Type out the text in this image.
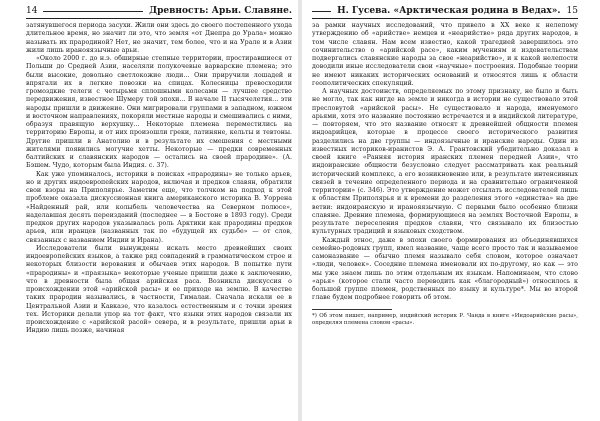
14	Древность: Арьи. Славяне.

затянувшегося периода засухи. Жили они здесь до своего постепенного ухода длительное время, но значит ли это, что земля «от Днепра до Урала» можно называть их прародиной? Нет, не значит, тем более, что и на Урале и в Азии жили лишь иранояязычные арьи.

«Около 2000 г. до н.э. обширные степные территории, простиравшиеся от Польши до Средней Азии, населяли полукочевые варварские племена; это были высокие, довольно светлокожие люди... Они приручили лошадей и впрягали их в легкие повозки на спицах. Колесницы превосходили громоздкие телеги с четырьмя сплошными колесами — лучшее средство передвижения, известное Шумеру той эпохи... В начале II тысячелетия... эти народы пришли в движение. Они мигрировали группами в западном, южном и восточном направлениях, покоряли местные народы и смешивались с ними, образуя правящую верхушку... Некоторые племена переместились на территорию Европы, и от них произошли греки, латиняне, кельты и тевтоны. Другие пришли в Анатолию и в результате их смешения с местными жителями появились могучие хетты. Некоторые — предки современных балтийских и славянских народов — остались на своей прародине». (А. Бэшем. Чудо, которым была Индия. с. 37).

Как уже упоминалось, историки в поисках «прародины» не только арьев, но и других индоевропейских народов, включая и предков славян, обратили свои взоры на Приполярье. Заметим еще, что толчком на подход к этой проблеме оказала дискуссионная книга американского историка В. Уоррена «Найденный рай, или колыбель человечества на Северном полюсе», наделавшая десять переизданий (последнее — в Бостоне в 1893 году). Среди предков других народов указывалась роль Арктики как прародины предков арьев, или иранцев (названных так по «будущей их судьбе» — от слов, связанных с названием Индии и Ирана).

Исследователи были вынуждены искать место древнейших своих индоевропейских языков, а также ряд совпадений в грамматическом строе и некоторых близости верования и обычаев этих народов. В попытке пути «прародины» и «праязыка» некоторые ученые пришли даже к заключению, что в древности была общая арийская раса. Возникла дискуссия о происхождении этой «арийской расы» и ее приходе на землю. В качестве таких прародин назывались, в частности, Гималаи. Сначала искали ее в Центральной Азии и Кавказе, что казалось естественным и с точки зрения тех. Историки делали упор на тот факт, что языки этих народов связали их происхождение с «арийской расой» севера, и в результате, пришли арьи в Индию лишь позже, начиная

Н. Гусева. «Арктическая родина в Ведах». 15

за рамки научных исследований, что привело в XX веке к нелепому утверждению об «арийстве» немцев и «неарийстве» ряда других народов, в том числе славян. Нам всем известно, какой трагедией завершилось это сочинительство о «арийской расе», каким мучениям и издевательствам подвергались славянские народы за свое «неарийство», и к какой нелепости доводили иные исследователи свои «научные» построения. Подобные теории не имеют никаких исторических оснований и относятся лишь к области геополитических спекуляций.

А научных достоинств, определяемых по этому признаку, не было и быть не могло, так как нигде на земле и никогда в истории не существовало этой пресловутой «арийской расы». Не существовало и народа, именуемого арьями, хотя это название постоянно встречается и в индийской литературе, — повторяем, что это название относят к древнейшей общности племен индоарийцев, которые в процессе своего исторического развития разделились на две группы — индоязычные и иранские народы. Один из известных историков-иранистов Э. А. Грантовский убедительно доказал в своей книге «Ранняя история иранских племен передней Азии», что индоиранские общности безусловно следует рассматривать как реальный исторический комплекс, а его возникновение или, в результате интенсивных связей в течение определенного периода и на сравнительно ограниченной территории» (с. 346). Это утверждение может отсылать исследователей лишь к областям Приполярья и к времени до разделения этого «единства» на две ветви: индоиранскую и иранояязычную. С первыми было особенно близки славяне. Древние племена, формирующиеся на землях Восточной Европы, в результате переселения предков славян, что связывало их близостью культурных традиций и языковых сходством.

Каждый этнос, даже в эпохи своего формирования из объединявшихся семейно-родовых групп, имел название, чаще всего просто так и называемое самоназвание — обычно племя называло себя словом, которое означает «люди, человек». Соседние племена именовали их по-другому, но как — это мы уже знаем лишь по этим отдельным их языкам. Напоминаем, что слово «арья» (которое стали часто переводить как «благородный») относилось к большой группе племен, родственных по языку и культуре*. Мы во второй главе будем подробнее говорить об этом.

*) Об этом пишет, например, индийский историк Р. Чанда в книге «Индоарийские расы», определяя племена словом «расы».
